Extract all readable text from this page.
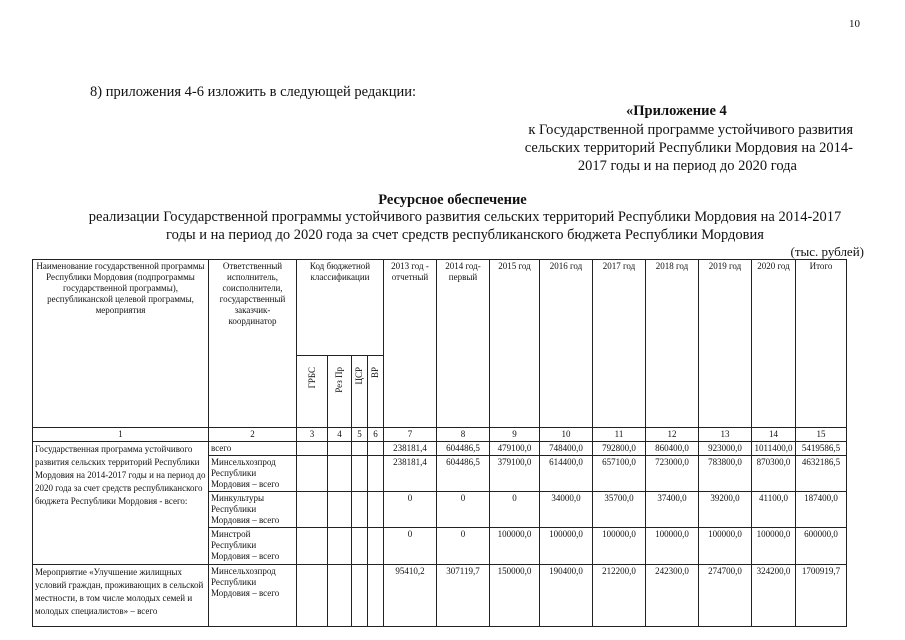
10
8) приложения 4-6 изложить в следующей редакции:
«Приложение 4
к Государственной программе устойчивого развития
сельских территорий Республики Мордовия на 2014-
2017 годы и на период до 2020 года
Ресурсное обеспечение
реализации Государственной программы устойчивого развития сельских территорий Республики Мордовия на 2014-2017
годы и на период до 2020 года за счет средств республиканского бюджета Республики Мордовия
(тыс. рублей)
Наименование государственной программы Республики Мордовия (подпрограммы государственной программы), республиканской целевой программы, мероприятия	Ответственный исполнитель, соисполнители, государственный заказчик-координатор	Код бюджетной классификации				2013 год - отчетный	2014 год- первый	2015 год	2016 год	2017 год	2018 год	2019 год	2020 год	Итого
		ГРБС	Рез Пр	ЦСР	ВР									
1	2	3	4	5	6	7	8	9	10	11	12	13	14	15
Государственная программа устойчивого развития сельских территорий Республики Мордовия на 2014-2017 годы и на период до 2020 года за счет средств республиканского бюджета Республики Мордовия - всего:	всего					238181,4	604486,5	479100,0	748400,0	792800,0	860400,0	923000,0	1011400,0	5419586,5
	Минсельхозпрод Республики Мордовия – всего					238181,4	604486,5	379100,0	614400,0	657100,0	723000,0	783800,0	870300,0	4632186,5
	Минкультуры Республики Мордовия – всего					0	0	0	34000,0	35700,0	37400,0	39200,0	41100,0	187400,0
	Минстрой Республики Мордовия – всего					0	0	100000,0	100000,0	100000,0	100000,0	100000,0	100000,0	600000,0
Мероприятие «Улучшение жилищных условий граждан, проживающих в сельской местности, в том числе молодых семей и молодых специалистов» – всего	Минсельхозпрод Республики Мордовия – всего					95410,2	307119,7	150000,0	190400,0	212200,0	242300,0	274700,0	324200,0	1700919,7
